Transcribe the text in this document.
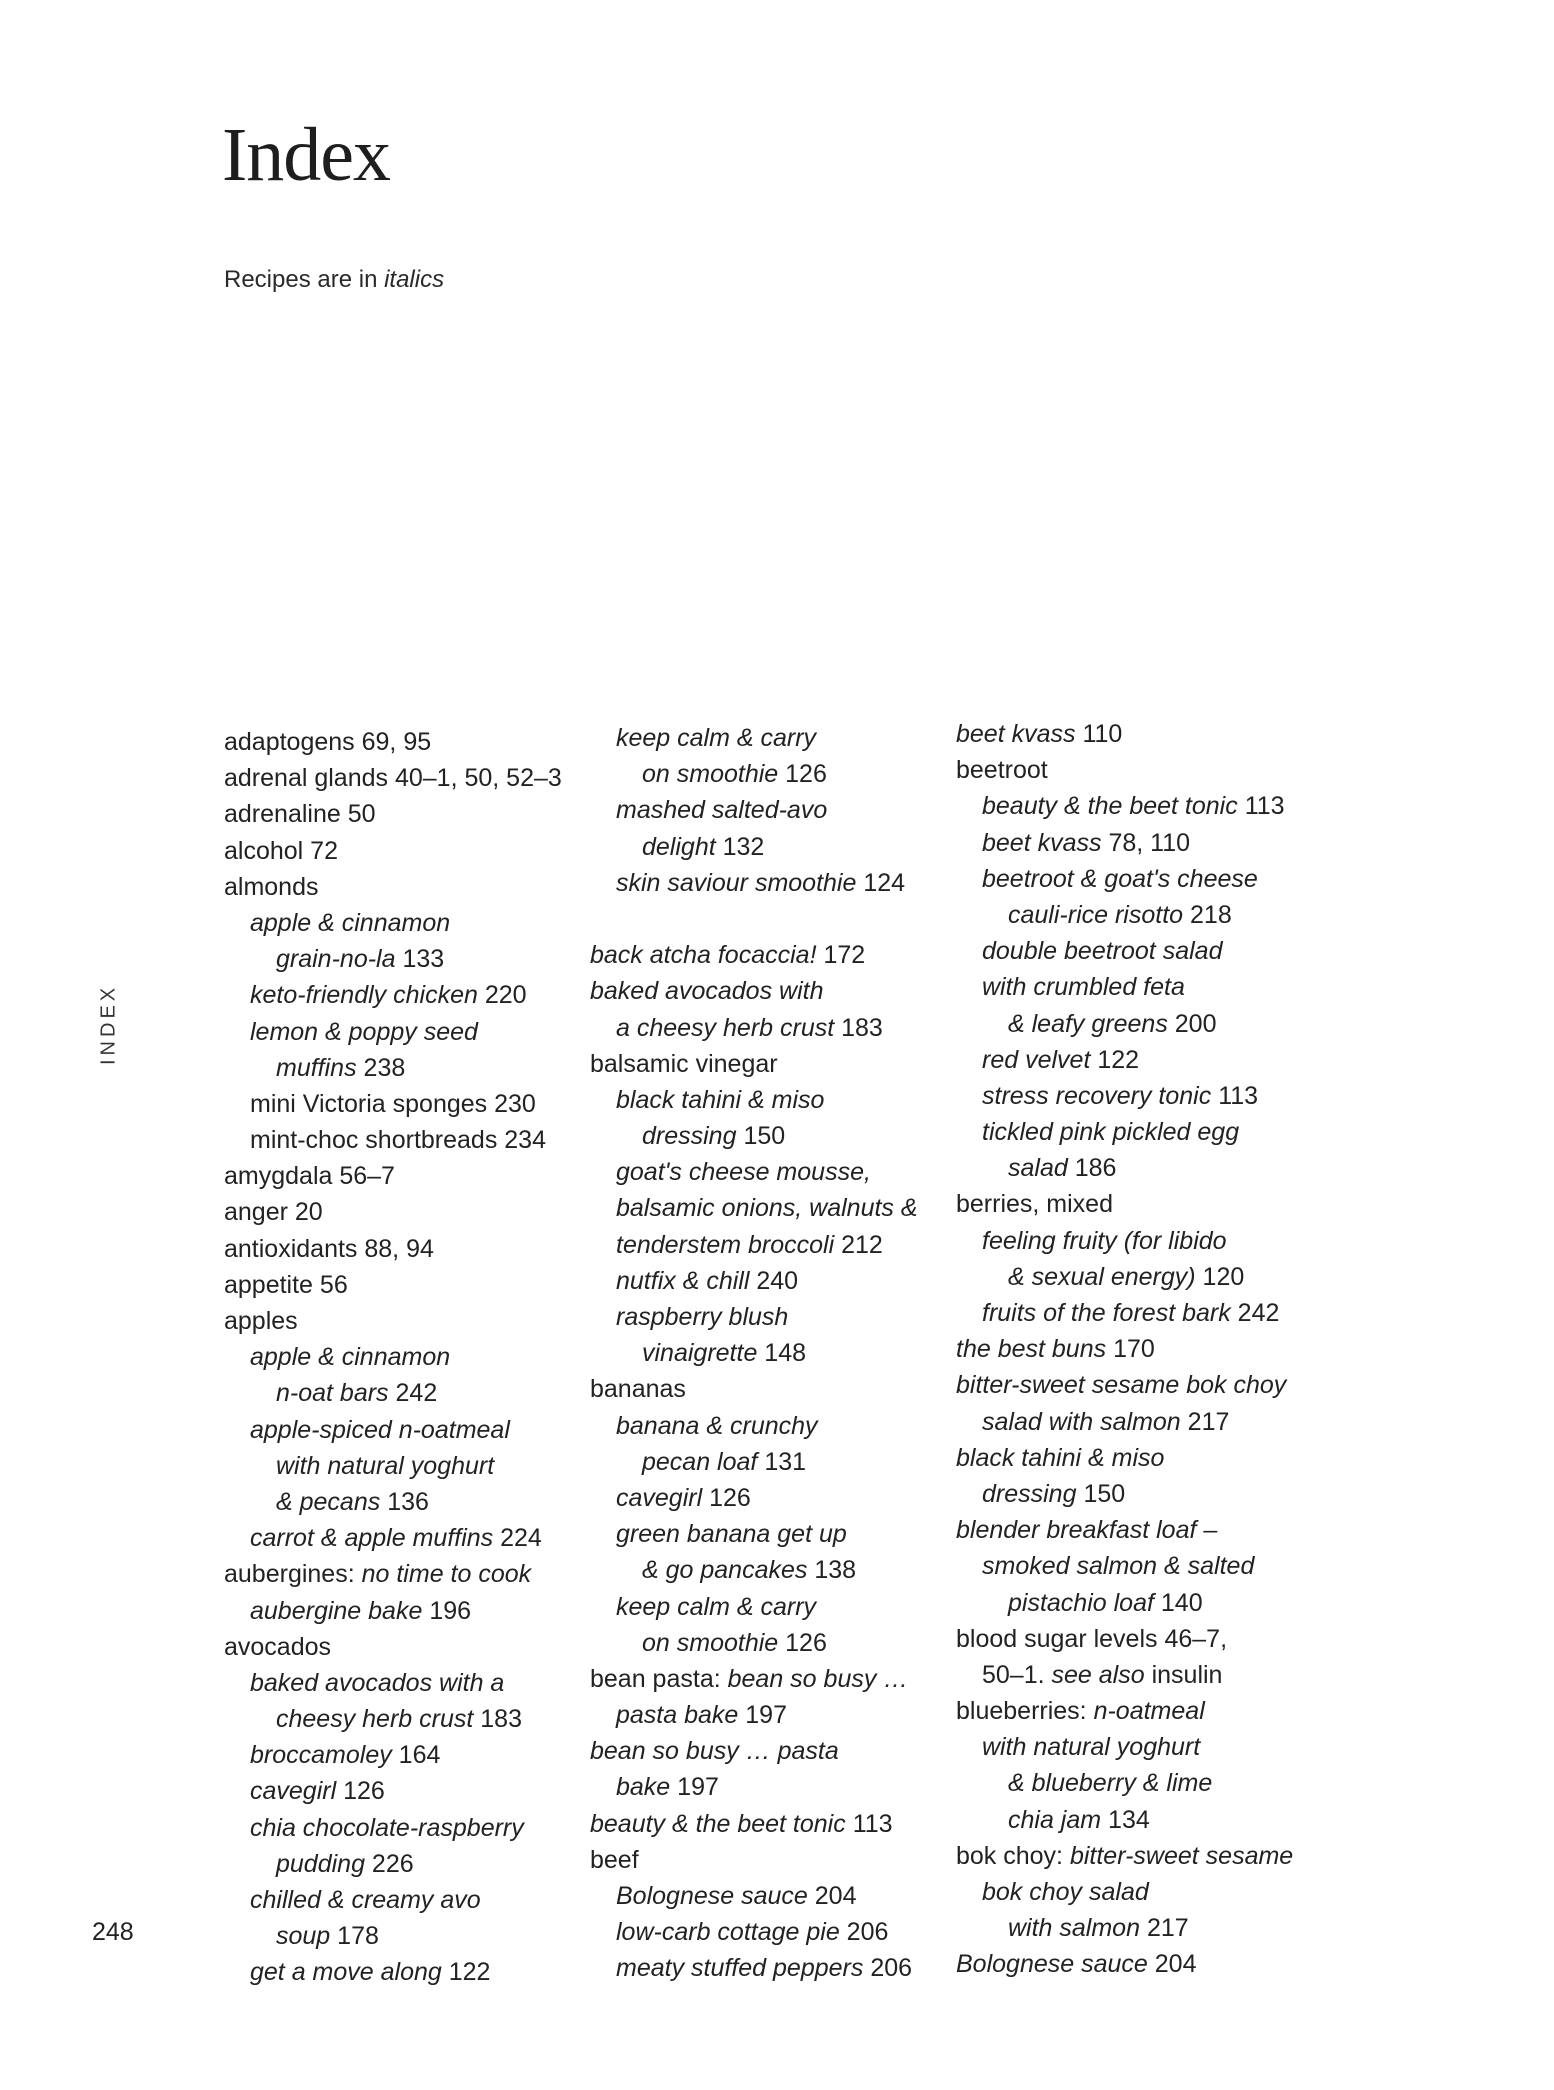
Index

Recipes are in italics

INDEX
248
adaptogens 69, 95
adrenal glands 40–1, 50, 52–3
adrenaline 50
alcohol 72
almonds
apple & cinnamon
grain-no-la 133
keto-friendly chicken 220
lemon & poppy seed
muffins 238
mini Victoria sponges 230
mint-choc shortbreads 234
amygdala 56–7
anger 20
antioxidants 88, 94
appetite 56
apples
apple & cinnamon
n-oat bars 242
apple-spiced n-oatmeal
with natural yoghurt
& pecans 136
carrot & apple muffins 224
aubergines: no time to cook
aubergine bake 196
avocados
baked avocados with a
cheesy herb crust 183
broccamoley 164
cavegirl 126
chia chocolate-raspberry
pudding 226
chilled & creamy avo
soup 178
get a move along 122
keep calm & carry
on smoothie 126
mashed salted-avo
delight 132
skin saviour smoothie 124
back atcha focaccia! 172
baked avocados with
a cheesy herb crust 183
balsamic vinegar
black tahini & miso
dressing 150
goat's cheese mousse,
balsamic onions, walnuts &
tenderstem broccoli 212
nutfix & chill 240
raspberry blush
vinaigrette 148
bananas
banana & crunchy
pecan loaf 131
cavegirl 126
green banana get up
& go pancakes 138
keep calm & carry
on smoothie 126
bean pasta: bean so busy …
pasta bake 197
bean so busy … pasta
bake 197
beauty & the beet tonic 113
beef
Bolognese sauce 204
low-carb cottage pie 206
meaty stuffed peppers 206
beet kvass 110
beetroot
beauty & the beet tonic 113
beet kvass 78, 110
beetroot & goat's cheese
cauli-rice risotto 218
double beetroot salad
with crumbled feta
& leafy greens 200
red velvet 122
stress recovery tonic 113
tickled pink pickled egg
salad 186
berries, mixed
feeling fruity (for libido
& sexual energy) 120
fruits of the forest bark 242
the best buns 170
bitter-sweet sesame bok choy
salad with salmon 217
black tahini & miso
dressing 150
blender breakfast loaf –
smoked salmon & salted
pistachio loaf 140
blood sugar levels 46–7,
50–1. see also insulin
blueberries: n-oatmeal
with natural yoghurt
& blueberry & lime
chia jam 134
bok choy: bitter-sweet sesame
bok choy salad
with salmon 217
Bolognese sauce 204
